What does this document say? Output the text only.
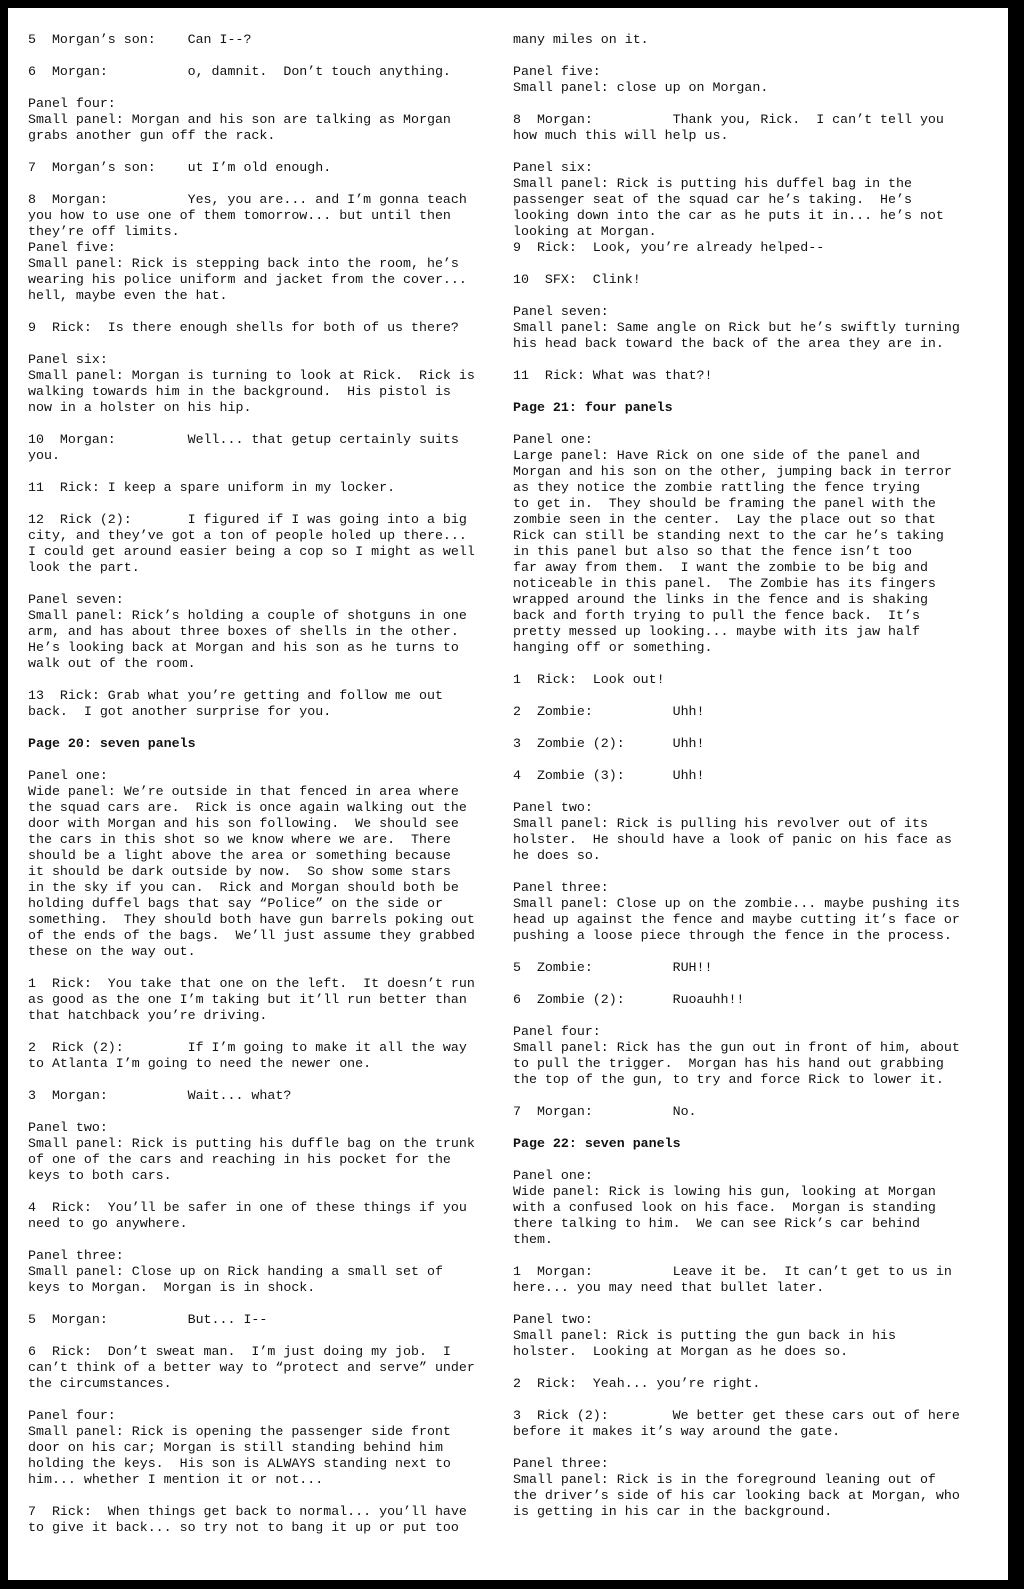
5  Morgan’s son:    Can I--?
6  Morgan:          o, damnit.  Don’t touch anything.
Panel four:
Small panel: Morgan and his son are talking as Morgan
grabs another gun off the rack.
7  Morgan’s son:    ut I’m old enough.
8  Morgan:          Yes, you are... and I’m gonna teach
you how to use one of them tomorrow... but until then
they’re off limits.
Panel five:
Small panel: Rick is stepping back into the room, he’s
wearing his police uniform and jacket from the cover...
hell, maybe even the hat.
9  Rick:  Is there enough shells for both of us there?
Panel six:
Small panel: Morgan is turning to look at Rick.  Rick is
walking towards him in the background.  His pistol is
now in a holster on his hip.
10  Morgan:         Well... that getup certainly suits
you.
11  Rick: I keep a spare uniform in my locker.
12  Rick (2):       I figured if I was going into a big
city, and they’ve got a ton of people holed up there...
I could get around easier being a cop so I might as well
look the part.
Panel seven:
Small panel: Rick’s holding a couple of shotguns in one
arm, and has about three boxes of shells in the other.
He’s looking back at Morgan and his son as he turns to
walk out of the room.
13  Rick: Grab what you’re getting and follow me out
back.  I got another surprise for you.
Page 20: seven panels
Panel one:
Wide panel: We’re outside in that fenced in area where
the squad cars are.  Rick is once again walking out the
door with Morgan and his son following.  We should see
the cars in this shot so we know where we are.  There
should be a light above the area or something because
it should be dark outside by now.  So show some stars
in the sky if you can.  Rick and Morgan should both be
holding duffel bags that say “Police” on the side or
something.  They should both have gun barrels poking out
of the ends of the bags.  We’ll just assume they grabbed
these on the way out.
1  Rick:  You take that one on the left.  It doesn’t run
as good as the one I’m taking but it’ll run better than
that hatchback you’re driving.
2  Rick (2):        If I’m going to make it all the way
to Atlanta I’m going to need the newer one.
3  Morgan:          Wait... what?
Panel two:
Small panel: Rick is putting his duffle bag on the trunk
of one of the cars and reaching in his pocket for the
keys to both cars.
4  Rick:  You’ll be safer in one of these things if you
need to go anywhere.
Panel three:
Small panel: Close up on Rick handing a small set of
keys to Morgan.  Morgan is in shock.
5  Morgan:          But... I--
6  Rick:  Don’t sweat man.  I’m just doing my job.  I
can’t think of a better way to “protect and serve” under
the circumstances.
Panel four:
Small panel: Rick is opening the passenger side front
door on his car; Morgan is still standing behind him
holding the keys.  His son is ALWAYS standing next to
him... whether I mention it or not...
7  Rick:  When things get back to normal... you’ll have
to give it back... so try not to bang it up or put too
many miles on it.
Panel five:
Small panel: close up on Morgan.
8  Morgan:          Thank you, Rick.  I can’t tell you
how much this will help us.
Panel six:
Small panel: Rick is putting his duffel bag in the
passenger seat of the squad car he’s taking.  He’s
looking down into the car as he puts it in... he’s not
looking at Morgan.
9  Rick:  Look, you’re already helped--
10  SFX:  Clink!
Panel seven:
Small panel: Same angle on Rick but he’s swiftly turning
his head back toward the back of the area they are in.
11  Rick: What was that?!
Page 21: four panels
Panel one:
Large panel: Have Rick on one side of the panel and
Morgan and his son on the other, jumping back in terror
as they notice the zombie rattling the fence trying
to get in.  They should be framing the panel with the
zombie seen in the center.  Lay the place out so that
Rick can still be standing next to the car he’s taking
in this panel but also so that the fence isn’t too
far away from them.  I want the zombie to be big and
noticeable in this panel.  The Zombie has its fingers
wrapped around the links in the fence and is shaking
back and forth trying to pull the fence back.  It’s
pretty messed up looking... maybe with its jaw half
hanging off or something.
1  Rick:  Look out!
2  Zombie:          Uhh!
3  Zombie (2):      Uhh!
4  Zombie (3):      Uhh!
Panel two:
Small panel: Rick is pulling his revolver out of its
holster.  He should have a look of panic on his face as
he does so.
Panel three:
Small panel: Close up on the zombie... maybe pushing its
head up against the fence and maybe cutting it’s face or
pushing a loose piece through the fence in the process.
5  Zombie:          RUH!!
6  Zombie (2):      Ruoauhh!!
Panel four:
Small panel: Rick has the gun out in front of him, about
to pull the trigger.  Morgan has his hand out grabbing
the top of the gun, to try and force Rick to lower it.
7  Morgan:          No.
Page 22: seven panels
Panel one:
Wide panel: Rick is lowing his gun, looking at Morgan
with a confused look on his face.  Morgan is standing
there talking to him.  We can see Rick’s car behind
them.
1  Morgan:          Leave it be.  It can’t get to us in
here... you may need that bullet later.
Panel two:
Small panel: Rick is putting the gun back in his
holster.  Looking at Morgan as he does so.
2  Rick:  Yeah... you’re right.
3  Rick (2):        We better get these cars out of here
before it makes it’s way around the gate.
Panel three:
Small panel: Rick is in the foreground leaning out of
the driver’s side of his car looking back at Morgan, who
is getting in his car in the background.
